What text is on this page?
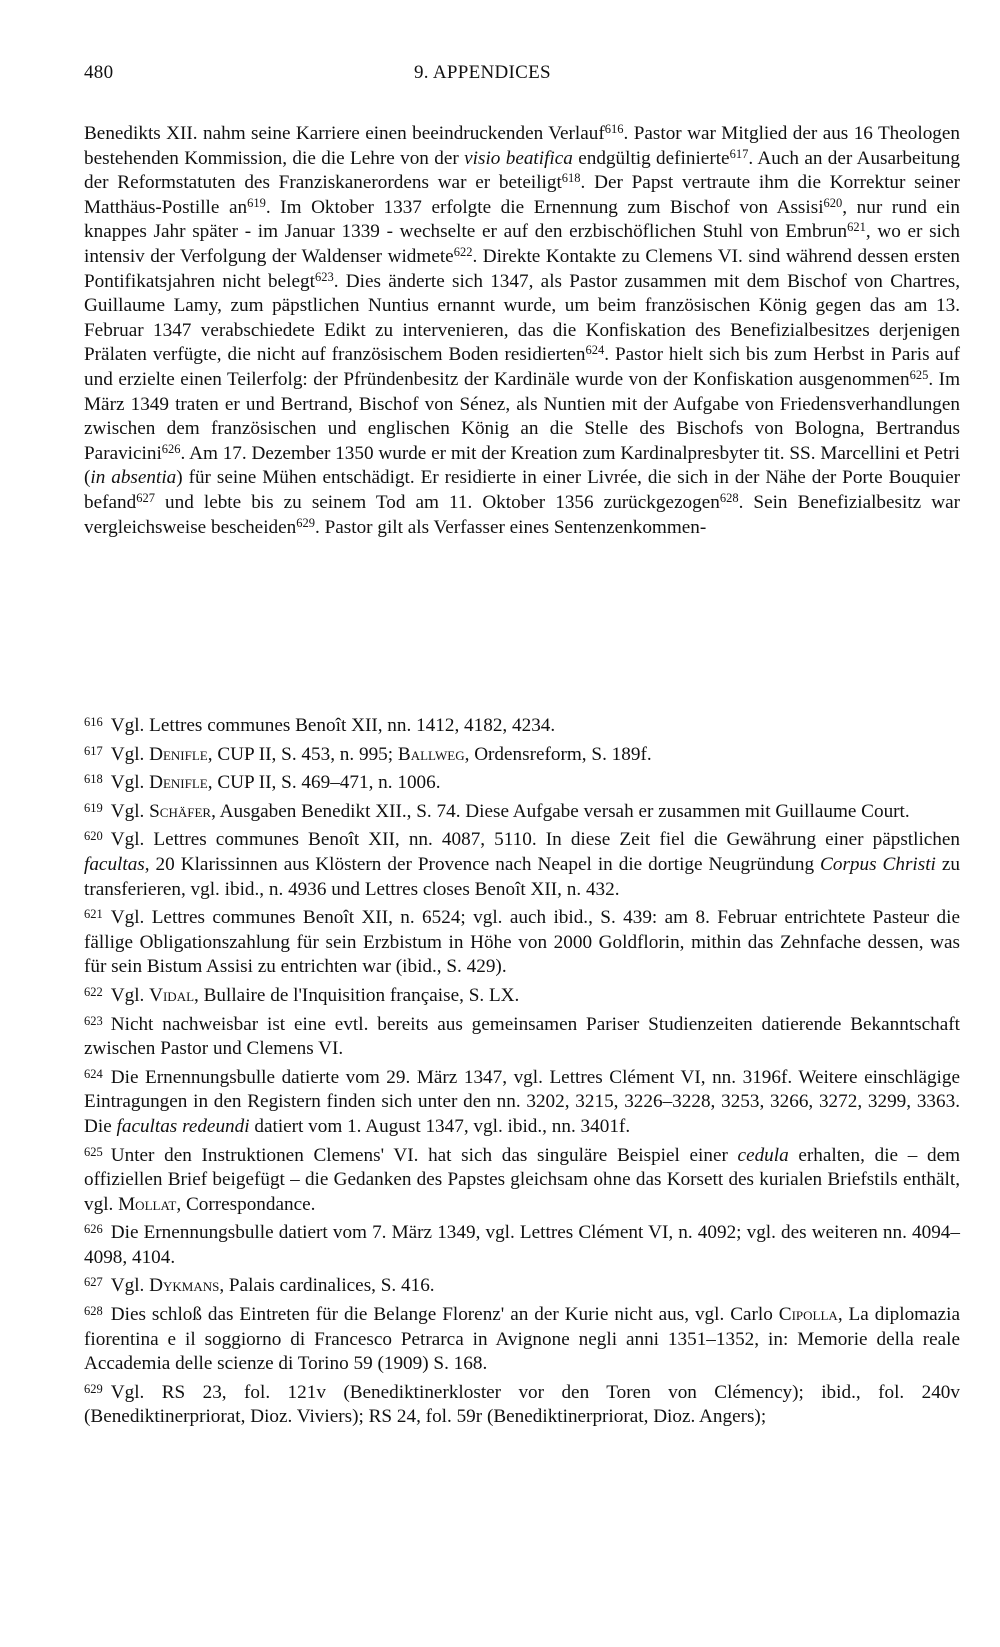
480	9. APPENDICES

Benedikts XII. nahm seine Karriere einen beeindruckenden Verlauf$^{616}$. Pastor war Mitglied der aus 16 Theologen bestehenden Kommission, die die Lehre von der visio beatifica endgültig definierte$^{617}$. Auch an der Ausarbeitung der Reformstatuten des Franziskanerordens war er beteiligt$^{618}$. Der Papst vertraute ihm die Korrektur seiner Matthäus-Postille $an^{619}$. Im Oktober 1337 erfolgte die Ernennung zum Bischof von Assisi$^{620}$, nur rund ein knappes Jahr später - im Januar 1339 - wechselte er auf den erzbischöflichen Stuhl von Embrun$^{621}$, wo er sich intensiv der Verfolgung der Waldenser widmete$^{622}$. Direkte Kontakte zu Clemens VI. sind während dessen ersten Pontifikatsjahren nicht belegt$^{623}$. Dies änderte sich 1347, als Pastor zusammen mit dem Bischof von Chartres, Guillaume Lamy, zum päpstlichen Nuntius ernannt wurde, um beim französischen König gegen das am 13. Februar 1347 verabschiedete Edikt zu intervenieren, das die Konfiskation des Benefizialbesitzes derjenigen Prälaten verfügte, die nicht auf französischem Boden residierten$^{624}$. Pastor hielt sich bis zum Herbst in Paris auf und erzielte einen Teilerfolg: der Pfründenbesitz der Kardinäle wurde von der Konfiskation ausgenommen$^{625}$. Im März 1349 traten er und Bertrand, Bischof von Sénez, als Nuntien mit der Aufgabe von Friedensverhandlungen zwischen dem französischen und englischen König an die Stelle des Bischofs von Bologna, Bertrandus Paravicini$^{626}$. Am 17. Dezember 1350 wurde er mit der Kreation zum Kardinalpresbyter tit. SS. Marcellini et Petri (in absentia) für seine Mühen entschädigt. Er residierte in einer Livrée, die sich in der Nähe der Porte Bouquier befand$^{627}$ und lebte bis zu seinem Tod am 11. Oktober 1356 zurückgezogen$^{628}$. Sein Benefizialbesitz war vergleichsweise bescheiden$^{629}$. Pastor gilt als Verfasser eines Sentenzenkommen-

$^{616}$ Vgl. Lettres communes Benoît XII, nn. 1412, 4182, 4234.

$^{617}$ Vgl. Denifle, CUP II, S. 453, n. 995; Ballweg, Ordensreform, S. 189f.

$^{618}$ Vgl. Denifle, CUP II, S. 469–471, n. 1006.

$^{619}$ Vgl. Schäfer, Ausgaben Benedikt XII., S. 74. Diese Aufgabe versah er zusammen mit Guillaume Court.

$^{620}$ Vgl. Lettres communes Benoît XII, nn. 4087, 5110. In diese Zeit fiel die Gewährung einer päpstlichen facultas, 20 Klarissinnen aus Klöstern der Provence nach Neapel in die dortige Neugründung Corpus Christi zu transferieren, vgl. ibid., n. 4936 und Lettres closes Benoît XII, n. 432.

$^{621}$ Vgl. Lettres communes Benoît XII, n. 6524; vgl. auch ibid., S. 439: am 8. Februar entrichtete Pasteur die fällige Obligationszahlung für sein Erzbistum in Höhe von 2000 Goldflorin, mithin das Zehnfache dessen, was für sein Bistum Assisi zu entrichten war (ibid., S. 429).

$^{622}$ Vgl. Vidal, Bullaire de l'Inquisition française, S. LX.

$^{623}$ Nicht nachweisbar ist eine evtl. bereits aus gemeinsamen Pariser Studienzeiten datierende Bekanntschaft zwischen Pastor und Clemens VI.

$^{624}$ Die Ernennungsbulle datierte vom 29. März 1347, vgl. Lettres Clément VI, nn. 3196f. Weitere einschlägige Eintragungen in den Registern finden sich unter den nn. 3202, 3215, 3226–3228, 3253, 3266, 3272, 3299, 3363. Die facultas redeundi datiert vom 1. August 1347, vgl. ibid., nn. 3401f.

$^{625}$ Unter den Instruktionen Clemens' VI. hat sich das singuläre Beispiel einer cedula erhalten, die – dem offiziellen Brief beigefügt – die Gedanken des Papstes gleichsam ohne das Korsett des kurialen Briefstils enthält, vgl. Mollat, Correspondance.

$^{626}$ Die Ernennungsbulle datiert vom 7. März 1349, vgl. Lettres Clément VI, n. 4092; vgl. des weiteren nn. 4094–4098, 4104.

$^{627}$ Vgl. Dykmans, Palais cardinalices, S. 416.

$^{628}$ Dies schloß das Eintreten für die Belange Florenz' an der Kurie nicht aus, vgl. Carlo Cipolla, La diplomazia fiorentina e il soggiorno di Francesco Petrarca in Avignone negli anni 1351–1352, in: Memorie della reale Accademia delle scienze di Torino 59 (1909) S. 168.

$^{629}$ Vgl. RS 23, fol. 121v (Benediktinerkloster vor den Toren von Clémency); ibid., fol. 240v (Benediktinerpriorat, Dioz. Viviers); RS 24, fol. 59r (Benediktinerpriorat, Dioz. Angers);
